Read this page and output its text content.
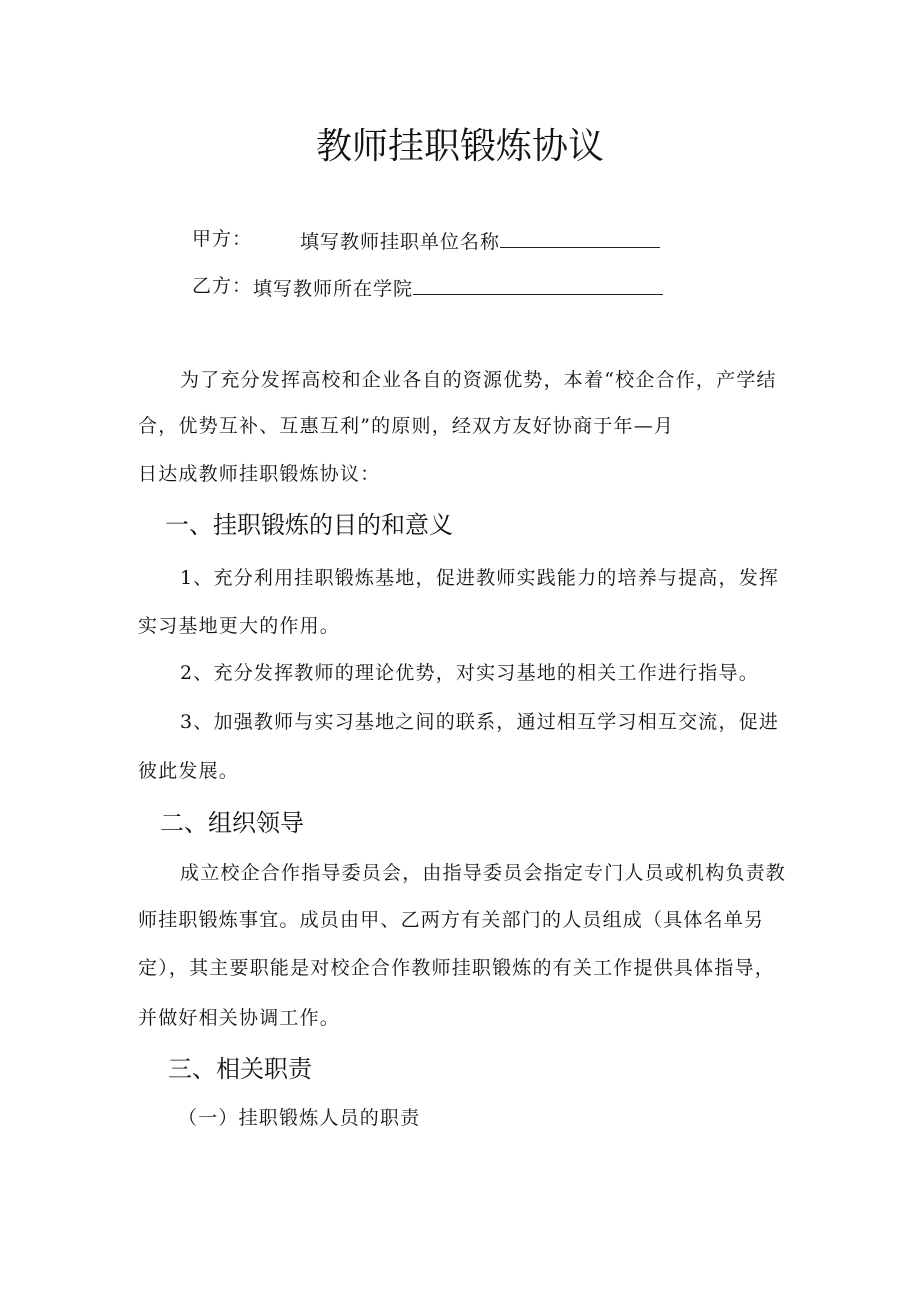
教师挂职锻炼协议
甲方：	填写教师挂职单位名称
乙方： 填写教师所在学院
为了充分发挥高校和企业各自的资源优势，本着“校企合作，产学结
合，优势互补、互惠互利”的原则，经双方友好协商于年—月
日达成教师挂职锻炼协议：
一、挂职锻炼的目的和意义
1、充分利用挂职锻炼基地，促进教师实践能力的培养与提高，发挥
实习基地更大的作用。
2、充分发挥教师的理论优势，对实习基地的相关工作进行指导。
3、加强教师与实习基地之间的联系，通过相互学习相互交流，促进
彼此发展。
二、组织领导
成立校企合作指导委员会，由指导委员会指定专门人员或机构负责教
师挂职锻炼事宜。成员由甲、乙两方有关部门的人员组成（具体名单另
定），其主要职能是对校企合作教师挂职锻炼的有关工作提供具体指导，
并做好相关协调工作。
三、相关职责
（一）挂职锻炼人员的职责
